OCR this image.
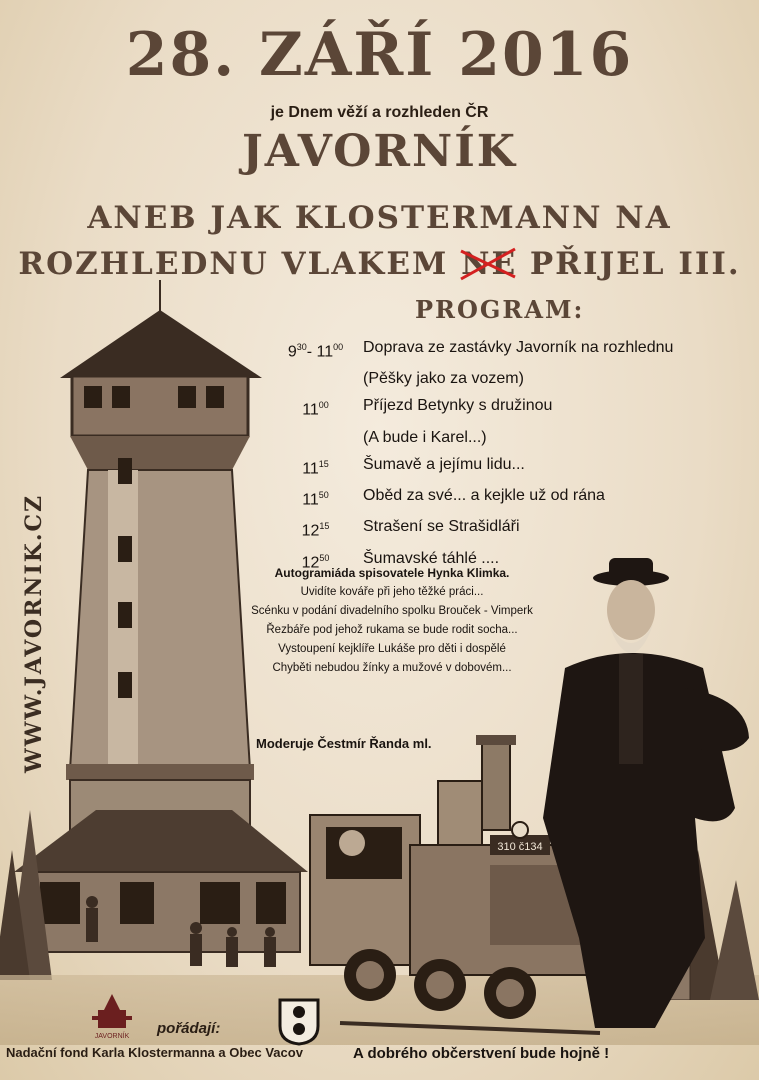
28. ZÁŘÍ 2016
je Dnem věží a rozhleden ČR
JAVORNÍK
ANEB JAK KLOSTERMANN NA
ROZHLEDNU VLAKEM NE PŘIJEL III.
WWW.JAVORNIK.CZ
PROGRAM:
$9^{30}-$ $11^{00}$	Doprava ze zastávky Javorník na rozhlednu
(Pěšky jako za vozem)
$11^{00}$	Příjezd Betynky s družinou
(A bude i Karel...)
$11^{15}$	Šumavě a jejímu lidu...
$11^{50}$	Oběd za své... a kejkle už od rána
$12^{15}$	Strašení se Strašidláři
$12^{50}$	Šumavské táhlé ....
Autogramiáda spisovatele Hynka Klimka.
Uvidíte kováře při jeho těžké práci...
Scénku v podání divadelního spolku Brouček - Vimperk
Řezbáře pod jehož rukama se bude rodit socha...
Vystoupení kejklíře Lukáše pro děti i dospělé
Chyběti nebudou žínky a mužové v dobovém...
Moderuje Čestmír Řanda ml.
310 č134
JAVORNÍK pořádají:
Nadační fond Karla Klostermanna a Obec Vacov	A dobrého občerstvení bude hojně !
